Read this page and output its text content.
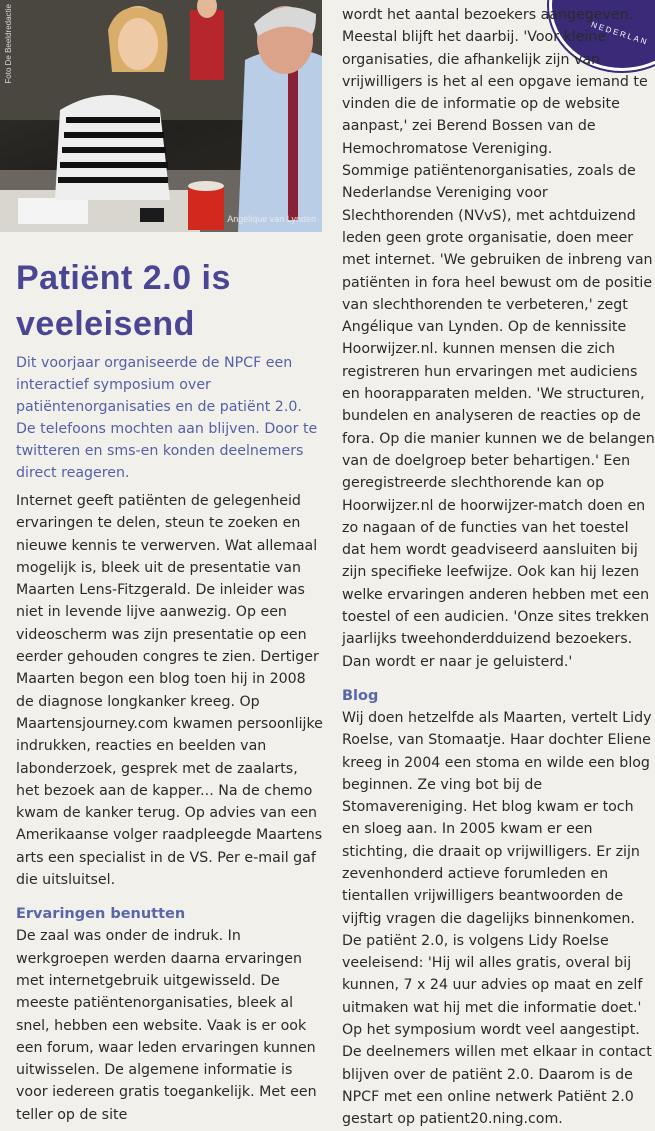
Foto De Beeldredactie
Angélique van Lynden
NEDERLAN
Patiënt 2.0 is
veeleisend

Dit voorjaar organiseerde de NPCF een interactief symposium over patiëntenorganisaties en de patiënt 2.0. De telefoons mochten aan blijven. Door te twitteren en sms-en konden deelnemers direct reageren.

Internet geeft patiënten de gelegenheid ervaringen te delen, steun te zoeken en nieuwe kennis te verwerven. Wat allemaal mogelijk is, bleek uit de presentatie van Maarten Lens-Fitzgerald. De inleider was niet in levende lijve aanwezig. Op een videoscherm was zijn presentatie op een eerder gehouden congres te zien. Dertiger Maarten begon een blog toen hij in 2008 de diagnose longkanker kreeg. Op Maartensjourney.com kwamen persoonlijke indrukken, reacties en beelden van labonderzoek, gesprek met de zaalarts, het bezoek aan de kapper... Na de chemo kwam de kanker terug. Op advies van een Amerikaanse volger raadpleegde Maartens arts een specialist in de VS. Per e-mail gaf die uitsluitsel.

Ervaringen benutten

De zaal was onder de indruk. In werkgroepen werden daarna ervaringen met internetgebruik uitgewisseld. De meeste patiëntenorganisaties, bleek al snel, hebben een website. Vaak is er ook een forum, waar leden ervaringen kunnen uitwisselen. De algemene informatie is voor iedereen gratis toegankelijk. Met een teller op de site

wordt het aantal bezoekers aangegeven. Meestal blijft het daarbij. 'Voor kleine organisaties, die afhankelijk zijn van vrijwilligers is het al een opgave iemand te vinden die de informatie op de website aanpast,' zei Berend Bossen van de Hemochromatose Vereniging.

Sommige patiëntenorganisaties, zoals de Nederlandse Vereniging voor Slechthorenden (NVvS), met achtduizend leden geen grote organisatie, doen meer met internet. 'We gebruiken de inbreng van patiënten in fora heel bewust om de positie van slechthorenden te verbeteren,' zegt Angélique van Lynden. Op de kennissite Hoorwijzer.nl. kunnen mensen die zich registreren hun ervaringen met audiciens en hoorapparaten melden. 'We structuren, bundelen en analyseren de reacties op de fora. Op die manier kunnen we de belangen van de doelgroep beter behartigen.' Een geregistreerde slechthorende kan op Hoorwijzer.nl de hoorwijzer-match doen en zo nagaan of de functies van het toestel dat hem wordt geadviseerd aansluiten bij zijn specifieke leefwijze. Ook kan hij lezen welke ervaringen anderen hebben met een toestel of een audicien. 'Onze sites trekken jaarlijks tweehonderdduizend bezoekers. Dan wordt er naar je geluisterd.'

Blog

Wij doen hetzelfde als Maarten, vertelt Lidy Roelse, van Stomaatje. Haar dochter Eliene kreeg in 2004 een stoma en wilde een blog beginnen. Ze ving bot bij de Stomavereniging. Het blog kwam er toch en sloeg aan. In 2005 kwam er een stichting, die draait op vrijwilligers. Er zijn zevenhonderd actieve forumleden en tientallen vrijwilligers beantwoorden de vijftig vragen die dagelijks binnenkomen. De patiënt 2.0, is volgens Lidy Roelse veeleisend: 'Hij wil alles gratis, overal bij kunnen, 7 x 24 uur advies op maat en zelf uitmaken wat hij met die informatie doet.' Op het symposium wordt veel aangestipt. De deelnemers willen met elkaar in contact blijven over de patiënt 2.0. Daarom is de NPCF met een online netwerk Patiënt 2.0 gestart op patient20.ning.com.
